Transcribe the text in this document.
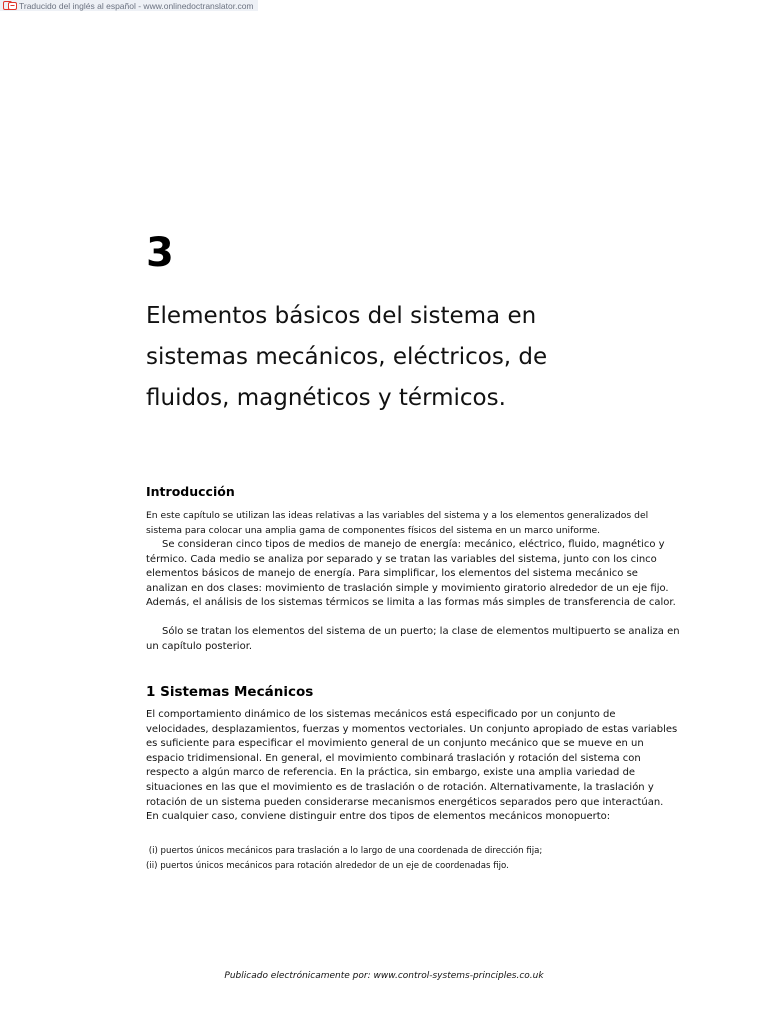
Traducido del inglés al español - www.onlinedoctranslator.com
3
Elementos básicos del sistema en
sistemas mecánicos, eléctricos, de
fluidos, magnéticos y térmicos.
Introducción

En este capítulo se utilizan las ideas relativas a las variables del sistema y a los elementos generalizados del
sistema para colocar una amplia gama de componentes físicos del sistema en un marco uniforme.

Se consideran cinco tipos de medios de manejo de energía: mecánico, eléctrico, fluido, magnético y
térmico. Cada medio se analiza por separado y se tratan las variables del sistema, junto con los cinco
elementos básicos de manejo de energía. Para simplificar, los elementos del sistema mecánico se
analizan en dos clases: movimiento de traslación simple y movimiento giratorio alrededor de un eje fijo.
Además, el análisis de los sistemas térmicos se limita a las formas más simples de transferencia de calor.

Sólo se tratan los elementos del sistema de un puerto; la clase de elementos multipuerto se analiza en
un capítulo posterior.

1 Sistemas Mecánicos

El comportamiento dinámico de los sistemas mecánicos está especificado por un conjunto de
velocidades, desplazamientos, fuerzas y momentos vectoriales. Un conjunto apropiado de estas variables
es suficiente para especificar el movimiento general de un conjunto mecánico que se mueve en un
espacio tridimensional. En general, el movimiento combinará traslación y rotación del sistema con
respecto a algún marco de referencia. En la práctica, sin embargo, existe una amplia variedad de
situaciones en las que el movimiento es de traslación o de rotación. Alternativamente, la traslación y
rotación de un sistema pueden considerarse mecanismos energéticos separados pero que interactúan.
En cualquier caso, conviene distinguir entre dos tipos de elementos mecánicos monopuerto:

(i) puertos únicos mecánicos para traslación a lo largo de una coordenada de dirección fija;
(ii) puertos únicos mecánicos para rotación alrededor de un eje de coordenadas fijo.
Publicado electrónicamente por: www.control-systems-principles.co.uk
